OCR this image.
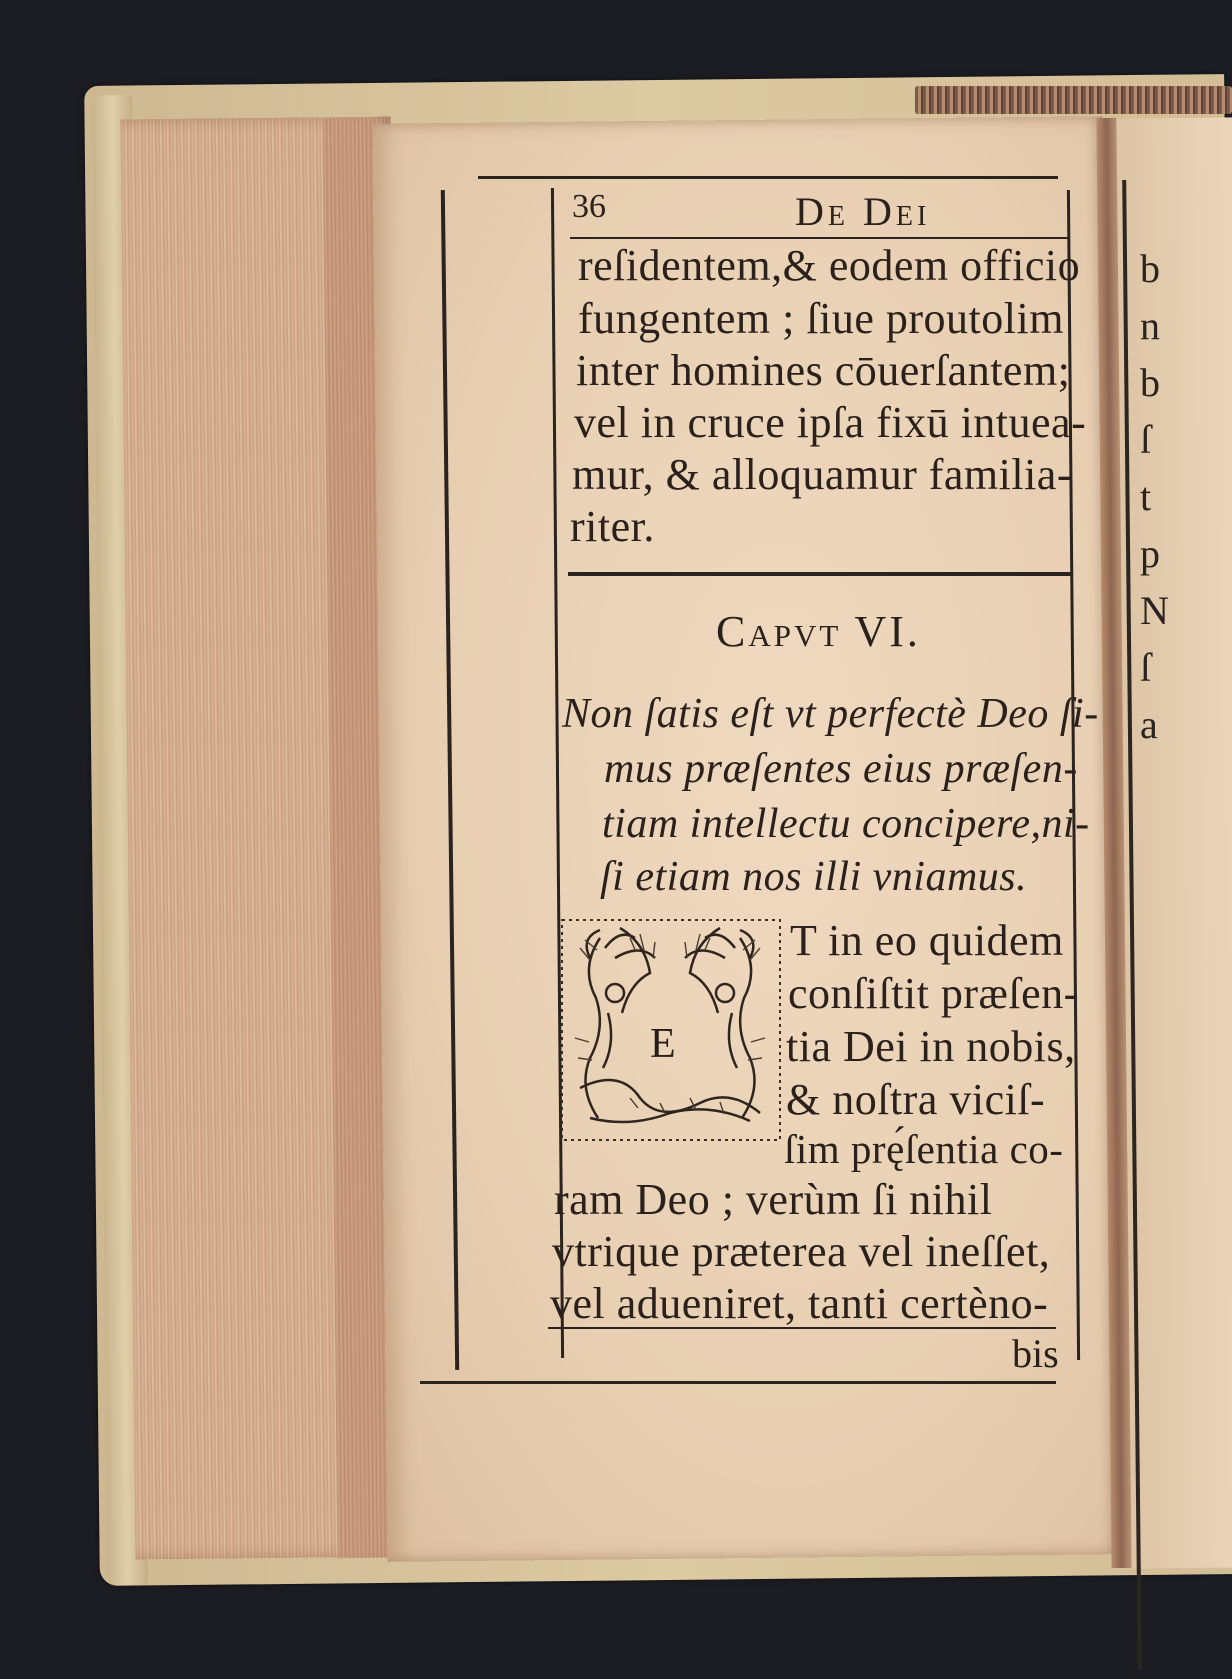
b
n
b
ſ
t
p
N
ſ
a
36	De Dei
reſidentem,& eodem officio
fungentem ; ſiue proutolim
inter homines cōuerſantem;
vel in cruce ipſa fixū intuea-
mur, & alloquamur familia-
riter.
Capvt VI.
Non ſatis eſt vt perfectè Deo ſi-
mus præſentes eius præſen-
tiam intellectu concipere,ni-
ſi etiam nos illi vniamus.
E
T in eo quidem
conſiſtit præſen-
tia Dei in nobis,
& noſtra viciſ-
ſim prę́ſentia co-
ram Deo ; verùm ſi nihil
vtrique præterea vel ineſſet,
vel adueniret, tanti certèno-
bis
